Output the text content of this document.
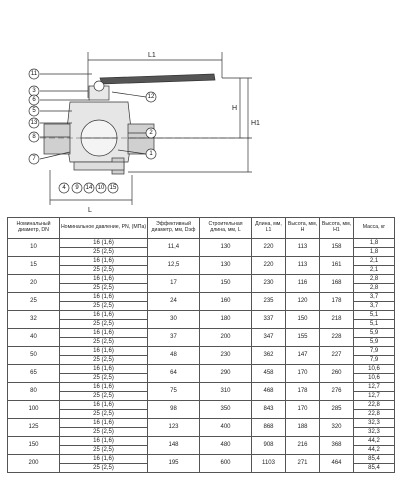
L1
L
H
H1
11
3
6
5
13
8
7
12
2
1
4 9 14 10 15
Номинальный диаметр, DN	Номинальное давление, PN, (МПа)	Эффективный диаметр, мм, Dэф	Строительная длина, мм, L	Длина, мм, L1	Высота, мм, H	Высота, мм, H1	Масса, кг
10	16 (1,6)	11,4	130	220	113	158	1,8
	25 (2,5)						1,8
15	16 (1,6)	12,5	130	220	113	161	2,1
	25 (2,5)						2,1
20	16 (1,6)	17	150	230	116	168	2,8
	25 (2,5)						2,8
25	16 (1,6)	24	160	235	120	178	3,7
	25 (2,5)						3,7
32	16 (1,6)	30	180	337	150	218	5,1
	25 (2,5)						5,1
40	16 (1,6)	37	200	347	155	228	5,9
	25 (2,5)						5,9
50	16 (1,6)	48	230	362	147	227	7,9
	25 (2,5)						7,9
65	16 (1,6)	64	290	458	170	260	10,6
	25 (2,5)						10,6
80	16 (1,6)	75	310	468	178	276	12,7
	25 (2,5)						12,7
100	16 (1,6)	98	350	843	170	285	22,8
	25 (2,5)						22,8
125	16 (1,6)	123	400	868	188	320	32,3
	25 (2,5)						32,3
150	16 (1,6)	148	480	908	216	368	44,2
	25 (2,5)						44,2
200	16 (1,6)	195	600	1103	271	464	85,4
	25 (2,5)						85,4
